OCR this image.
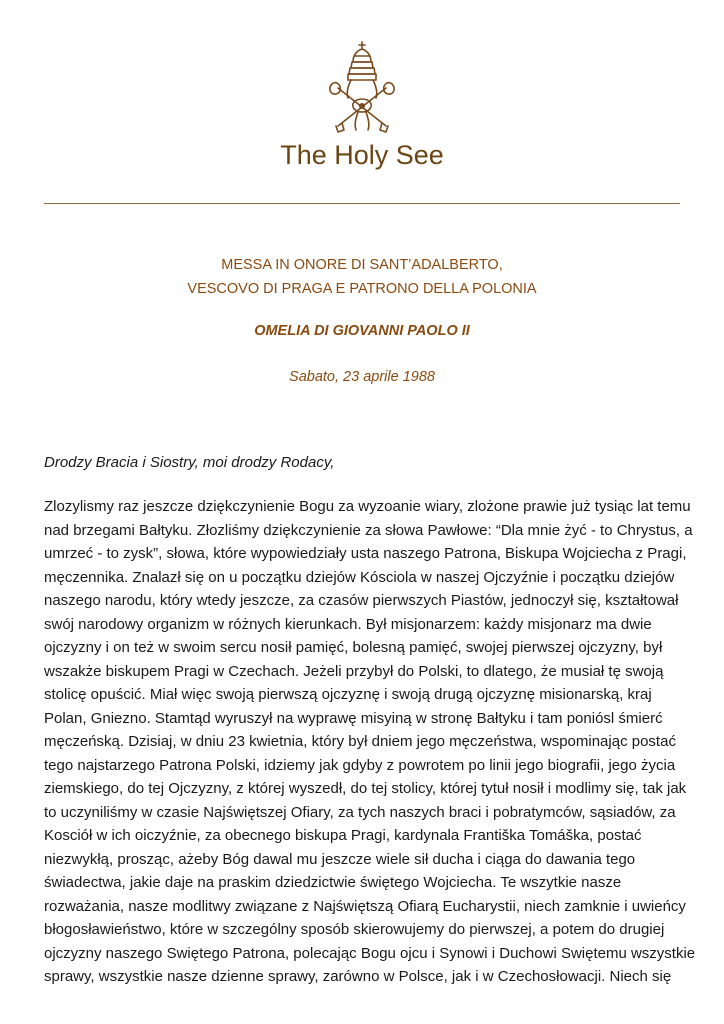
The Holy See
MESSA IN ONORE DI SANT’ADALBERTO,
VESCOVO DI PRAGA E PATRONO DELLA POLONIA
OMELIA DI GIOVANNI PAOLO II
Sabato, 23 aprile 1988
Drodzy Bracia i Siostry, moi drodzy Rodacy,
Zlozylismy raz jeszcze dziękczynienie Bogu za wyzoanie wiary, zlożone prawie już tysiąc lat temu
nad brzegami Bałtyku. Złozliśmy dziękczynienie za słowa Pawłowe: “Dla mnie żyć - to Chrystus, a
umrzeć - to zysk”, słowa, które wypowiedziały usta naszego Patrona, Biskupa Wojciecha z Pragi,
męczennika. Znalazł się on u początku dziejów Kósciola w naszej Ojczyźnie i początku dziejów
naszego narodu, który wtedy jeszcze, za czasów pierwszych Piastów, jednoczył się, kształtował
swój narodowy organizm w różnych kierunkach. Był misjonarzem: każdy misjonarz ma dwie
ojczyzny i on też w swoim sercu nosił pamięć, bolesną pamięć, swojej pierwszej ojczyzny, był
wszakże biskupem Pragi w Czechach. Jeżeli przybył do Polski, to dlatego, że musiał tę swoją
stolicę opuścić. Miał więc swoją pierwszą ojczyznę i swoją drugą ojczyznę misionarską, kraj
Polan, Gniezno. Stamtąd wyruszył na wyprawę misyiną w stronę Bałtyku i tam poniósl śmierć
męczeńską. Dzisiaj, w dniu 23 kwietnia, który był dniem jego męczeństwa, wspominając postać
tego najstarzego Patrona Polski, idziemy jak gdyby z powrotem po linii jego biografii, jego życia
ziemskiego, do tej Ojczyzny, z której wyszedł, do tej stolicy, której tytuł nosił i modlimy się, tak jak
to uczyniliśmy w czasie Najświętszej Ofiary, za tych naszych braci i pobratymców, sąsiadów, za
Kosciół w ich oiczyźnie, za obecnego biskupa Pragi, kardynala Františka Tomáška, postać
niezwykłą, prosząc, ażeby Bóg dawal mu jeszcze wiele sił ducha i ciąga do dawania tego
świadectwa, jakie daje na praskim dziedzictwie świętego Wojciecha. Te wszytkie nasze
rozważania, nasze modlitwy związane z Najświętszą Ofiarą Eucharystii, niech zamknie i uwieńcy
błogosławieństwo, które w szczególny sposób skierowujemy do pierwszej, a potem do drugiej
ojczyzny naszego Swiętego Patrona, polecając Bogu ojcu i Synowi i Duchowi Swiętemu wszystkie
sprawy, wszystkie nasze dzienne sprawy, zarówno w Polsce, jak i w Czechosłowacji. Niech się
